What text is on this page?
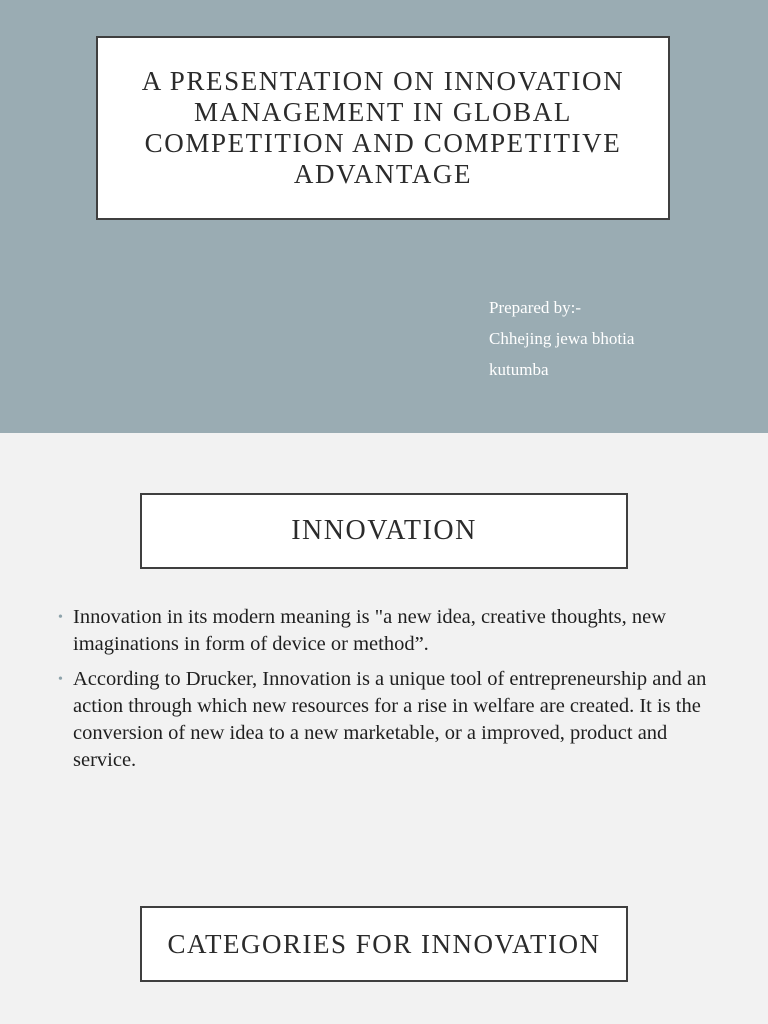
A PRESENTATION ON INNOVATION MANAGEMENT IN GLOBAL COMPETITION AND COMPETITIVE ADVANTAGE
Prepared by:-
Chhejing jewa bhotia
kutumba
INNOVATION
• Innovation in its modern meaning is "a new idea, creative thoughts, new imaginations in form of device or method”.
• According to Drucker, Innovation is a unique tool of entrepreneurship and an action through which new resources for a rise in welfare are created. It is the conversion of new idea to a new marketable, or a improved, product and service.
CATEGORIES FOR INNOVATION
